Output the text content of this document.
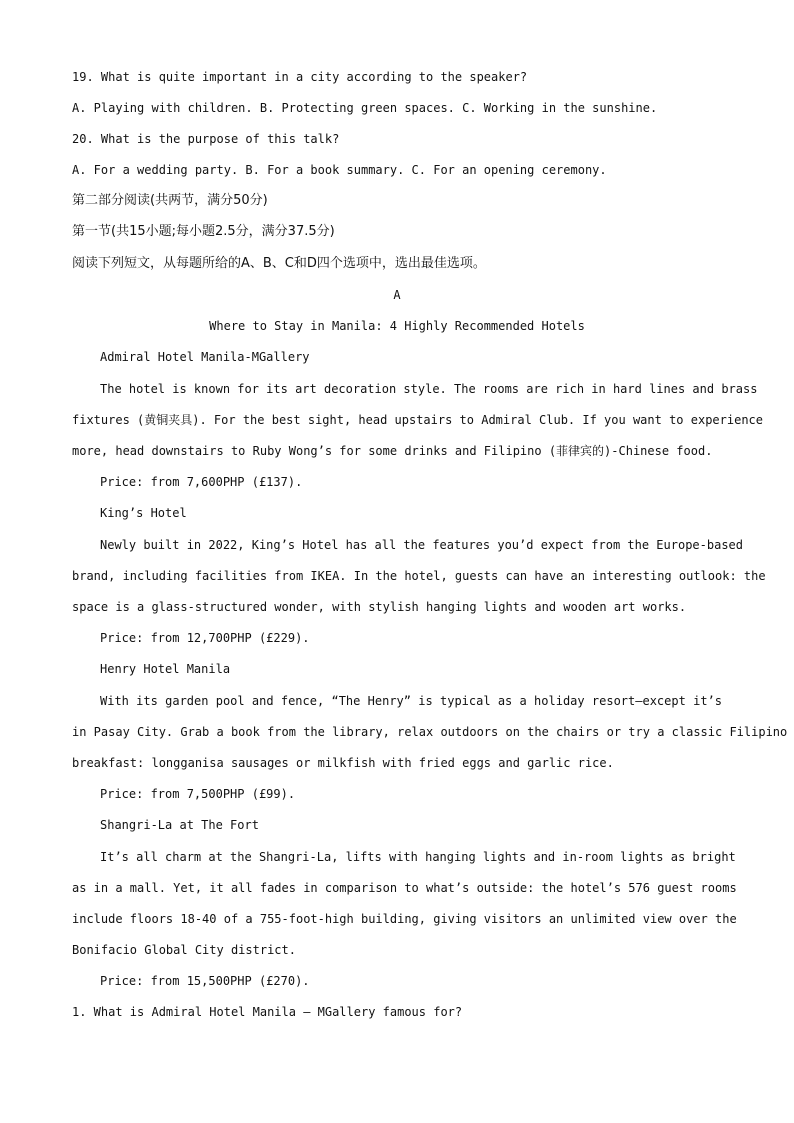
19. What is quite important in a city according to the speaker?
A. Playing with children. B. Protecting green spaces. C. Working in the sunshine.
20. What is the purpose of this talk?
A. For a wedding party. B. For a book summary. C. For an opening ceremony.
第二部分阅读(共两节，满分50分)
第一节(共15小题;每小题2.5分，满分37.5分)
阅读下列短文，从每题所给的A、B、C和D四个选项中，选出最佳选项。
A
Where to Stay in Manila: 4 Highly Recommended Hotels
Admiral Hotel Manila-MGallery
The hotel is known for its art decoration style. The rooms are rich in hard lines and brass
fixtures (黄铜夹具). For the best sight, head upstairs to Admiral Club. If you want to experience
more, head downstairs to Ruby Wong’s for some drinks and Filipino (菲律宾的)-Chinese food.
Price: from 7,600PHP (£137).
King’s Hotel
Newly built in 2022, King’s Hotel has all the features you’d expect from the Europe-based
brand, including facilities from IKEA. In the hotel, guests can have an interesting outlook: the
space is a glass-structured wonder, with stylish hanging lights and wooden art works.
Price: from 12,700PHP (£229).
Henry Hotel Manila
With its garden pool and fence, “The Henry” is typical as a holiday resort—except it’s
in Pasay City. Grab a book from the library, relax outdoors on the chairs or try a classic Filipino
breakfast: longganisa sausages or milkfish with fried eggs and garlic rice.
Price: from 7,500PHP (£99).
Shangri-La at The Fort
It’s all charm at the Shangri-La, lifts with hanging lights and in-room lights as bright
as in a mall. Yet, it all fades in comparison to what’s outside: the hotel’s 576 guest rooms
include floors 18-40 of a 755-foot-high building, giving visitors an unlimited view over the
Bonifacio Global City district.
Price: from 15,500PHP (£270).
1. What is Admiral Hotel Manila — MGallery famous for?
